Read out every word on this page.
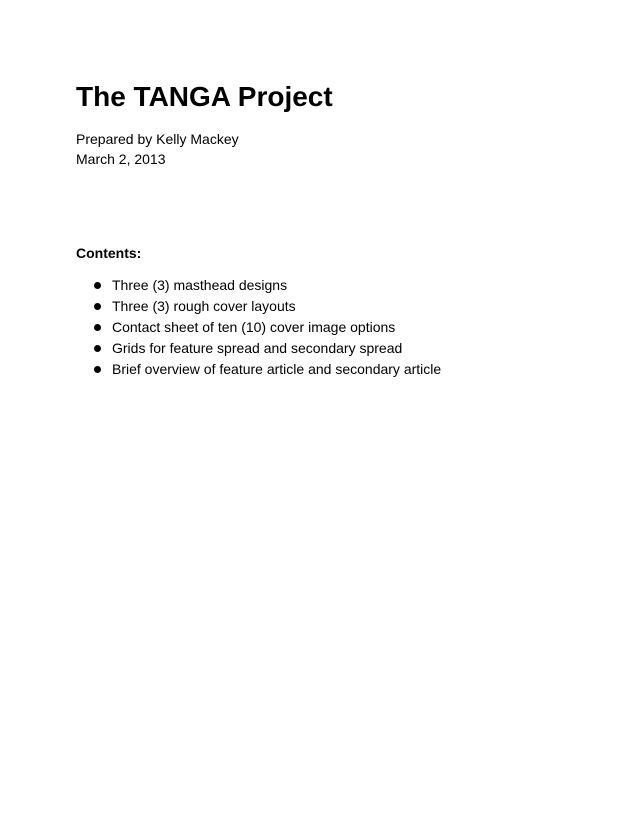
The TANGA Project
Prepared by Kelly Mackey
March 2, 2013
Contents:
Three (3) masthead designs
Three (3) rough cover layouts
Contact sheet of ten (10) cover image options
Grids for feature spread and secondary spread
Brief overview of feature article and secondary article
